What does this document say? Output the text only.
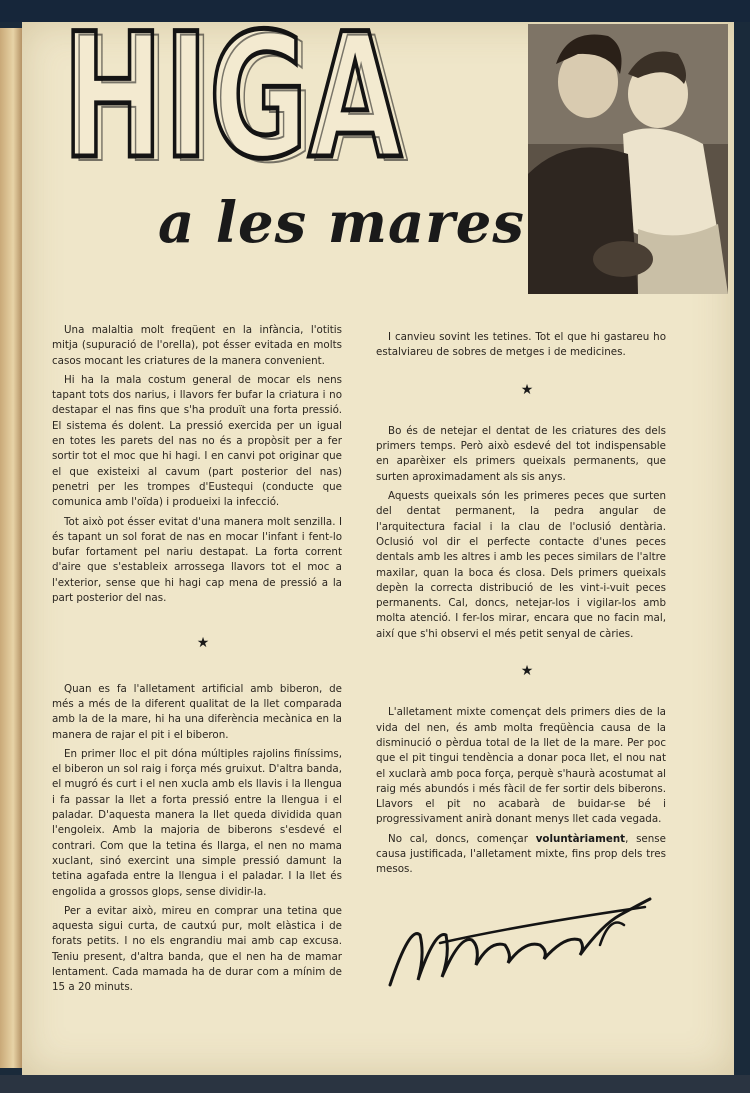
HIGA
HIGA
a les mares

Una malaltia molt freqüent en la infància, l'otitis mitja (supuració de l'orella), pot ésser evitada en molts casos mocant les criatures de la manera convenient.

Hi ha la mala costum general de mocar els nens tapant tots dos narius, i llavors fer bufar la criatura i no destapar el nas fins que s'ha produït una forta pressió. El sistema és dolent. La pressió exercida per un igual en totes les parets del nas no és a propòsit per a fer sortir tot el moc que hi hagi. I en canvi pot originar que el que existeixi al cavum (part posterior del nas) penetri per les trompes d'Eustequi (conducte que comunica amb l'oïda) i produeixi la infecció.

Tot això pot ésser evitat d'una manera molt senzilla. I és tapant un sol forat de nas en mocar l'infant i fent-lo bufar fortament pel nariu destapat. La forta corrent d'aire que s'estableix arrossega llavors tot el moc a l'exterior, sense que hi hagi cap mena de pressió a la part posterior del nas.

★

Quan es fa l'alletament artificial amb biberon, de més a més de la diferent qualitat de la llet comparada amb la de la mare, hi ha una diferència mecànica en la manera de rajar el pit i el biberon.

En primer lloc el pit dóna múltiples rajolins finíssims, el biberon un sol raig i força més gruixut. D'altra banda, el mugró és curt i el nen xucla amb els llavis i la llengua i fa passar la llet a forta pressió entre la llengua i el paladar. D'aquesta manera la llet queda dividida quan l'engoleix. Amb la majoria de biberons s'esdevé el contrari. Com que la tetina és llarga, el nen no mama xuclant, sinó exercint una simple pressió damunt la tetina agafada entre la llengua i el paladar. I la llet és engolida a grossos glops, sense dividir-la.

Per a evitar això, mireu en comprar una tetina que aquesta sigui curta, de cautxú pur, molt elàstica i de forats petits. I no els engrandiu mai amb cap excusa. Teniu present, d'altra banda, que el nen ha de mamar lentament. Cada mamada ha de durar com a mínim de 15 a 20 minuts.

I canvieu sovint les tetines. Tot el que hi gastareu ho estalviareu de sobres de metges i de medicines.

★

Bo és de netejar el dentat de les criatures des dels primers temps. Però això esdevé del tot indispensable en aparèixer els primers queixals permanents, que surten aproximadament als sis anys.

Aquests queixals són les primeres peces que surten del dentat permanent, la pedra angular de l'arquitectura facial i la clau de l'oclusió dentària. Oclusió vol dir el perfecte contacte d'unes peces dentals amb les altres i amb les peces similars de l'altre maxilar, quan la boca és closa. Dels primers queixals depèn la correcta distribució de les vint-i-vuit peces permanents. Cal, doncs, netejar-los i vigilar-los amb molta atenció. I fer-los mirar, encara que no facin mal, així que s'hi observi el més petit senyal de càries.

★

L'alletament mixte començat dels primers dies de la vida del nen, és amb molta freqüència causa de la disminució o pèrdua total de la llet de la mare. Per poc que el pit tingui tendència a donar poca llet, el nou nat el xuclarà amb poca força, perquè s'haurà acostumat al raig més abundós i més fàcil de fer sortir dels biberons. Llavors el pit no acabarà de buidar-se bé i progressivament anirà donant menys llet cada vegada.

No cal, doncs, començar voluntàriament, sense causa justificada, l'alletament mixte, fins prop dels tres mesos.
